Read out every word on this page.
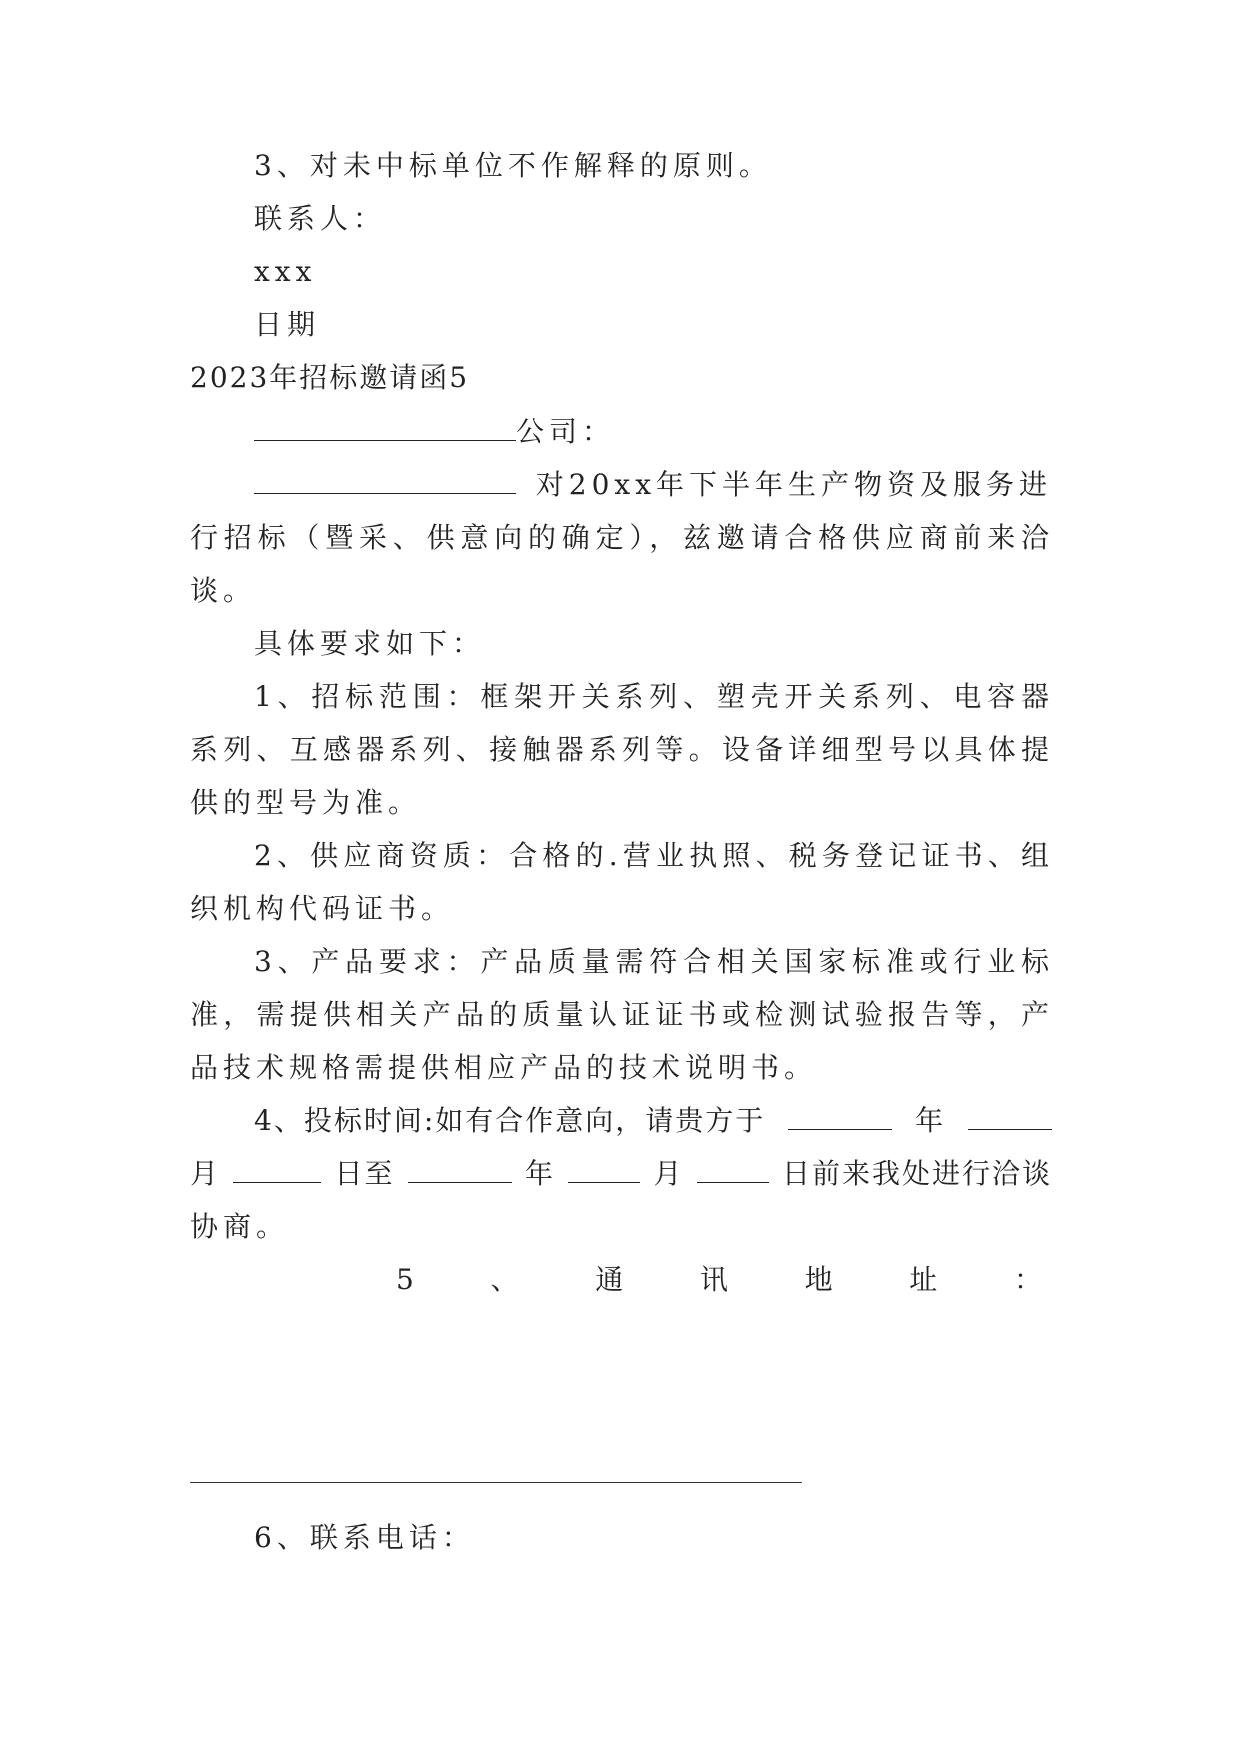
3、对未中标单位不作解释的原则。
联系人：
xxx
日期
2023年招标邀请函5
公司：
对20xx年下半年生产物资及服务进
行招标（暨采、供意向的确定），兹邀请合格供应商前来洽
谈。
具体要求如下：
1、招标范围：框架开关系列、塑壳开关系列、电容器
系列、互感器系列、接触器系列等。设备详细型号以具体提
供的型号为准。
2、供应商资质：合格的.营业执照、税务登记证书、组
织机构代码证书。
3、产品要求：产品质量需符合相关国家标准或行业标
准，需提供相关产品的质量认证证书或检测试验报告等，产
品技术规格需提供相应产品的技术说明书。
4、投标时间:如有合作意向，请贵方于	年
月	日至	年	月	日前来我处进行洽谈
协商。
5	、	通	讯	地	址	：
6、联系电话：
